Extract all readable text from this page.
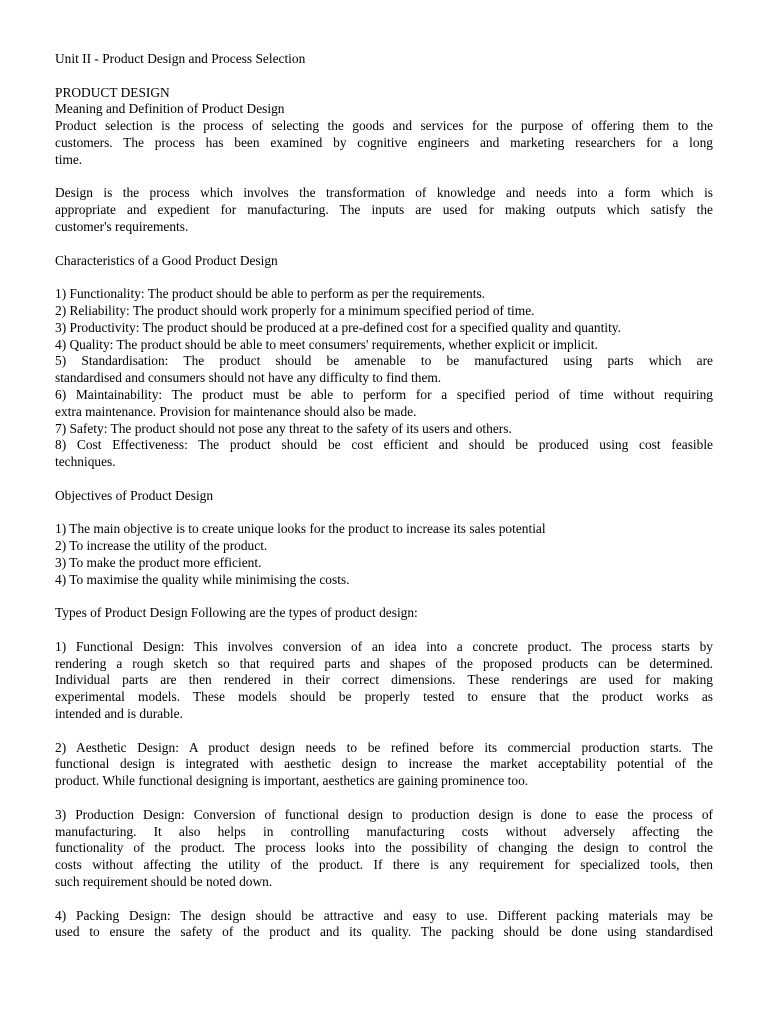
Unit II - Product Design and Process Selection
PRODUCT DESIGN
Meaning and Definition of Product Design
Product selection is the process of selecting the goods and services for the purpose of offering them to the
customers. The process has been examined by cognitive engineers and marketing researchers for a long
time.
Design is the process which involves the transformation of knowledge and needs into a form which is
appropriate and expedient for manufacturing. The inputs are used for making outputs which satisfy the
customer's requirements.
Characteristics of a Good Product Design
1) Functionality: The product should be able to perform as per the requirements.
2) Reliability: The product should work properly for a minimum specified period of time.
3) Productivity: The product should be produced at a pre-defined cost for a specified quality and quantity.
4) Quality: The product should be able to meet consumers' requirements, whether explicit or implicit.
5) Standardisation: The product should be amenable to be manufactured using parts which are
standardised and consumers should not have any difficulty to find them.
6) Maintainability: The product must be able to perform for a specified period of time without requiring
extra maintenance. Provision for maintenance should also be made.
7) Safety: The product should not pose any threat to the safety of its users and others.
8) Cost Effectiveness: The product should be cost efficient and should be produced using cost feasible
techniques.
Objectives of Product Design
1) The main objective is to create unique looks for the product to increase its sales potential
2) To increase the utility of the product.
3) To make the product more efficient.
4) To maximise the quality while minimising the costs.
Types of Product Design Following are the types of product design:
1) Functional Design: This involves conversion of an idea into a concrete product. The process starts by
rendering a rough sketch so that required parts and shapes of the proposed products can be determined.
Individual parts are then rendered in their correct dimensions. These renderings are used for making
experimental models. These models should be properly tested to ensure that the product works as
intended and is durable.
2) Aesthetic Design: A product design needs to be refined before its commercial production starts. The
functional design is integrated with aesthetic design to increase the market acceptability potential of the
product. While functional designing is important, aesthetics are gaining prominence too.
3) Production Design: Conversion of functional design to production design is done to ease the process of
manufacturing. It also helps in controlling manufacturing costs without adversely affecting the
functionality of the product. The process looks into the possibility of changing the design to control the
costs without affecting the utility of the product. If there is any requirement for specialized tools, then
such requirement should be noted down.
4) Packing Design: The design should be attractive and easy to use. Different packing materials may be
used to ensure the safety of the product and its quality. The packing should be done using standardised
